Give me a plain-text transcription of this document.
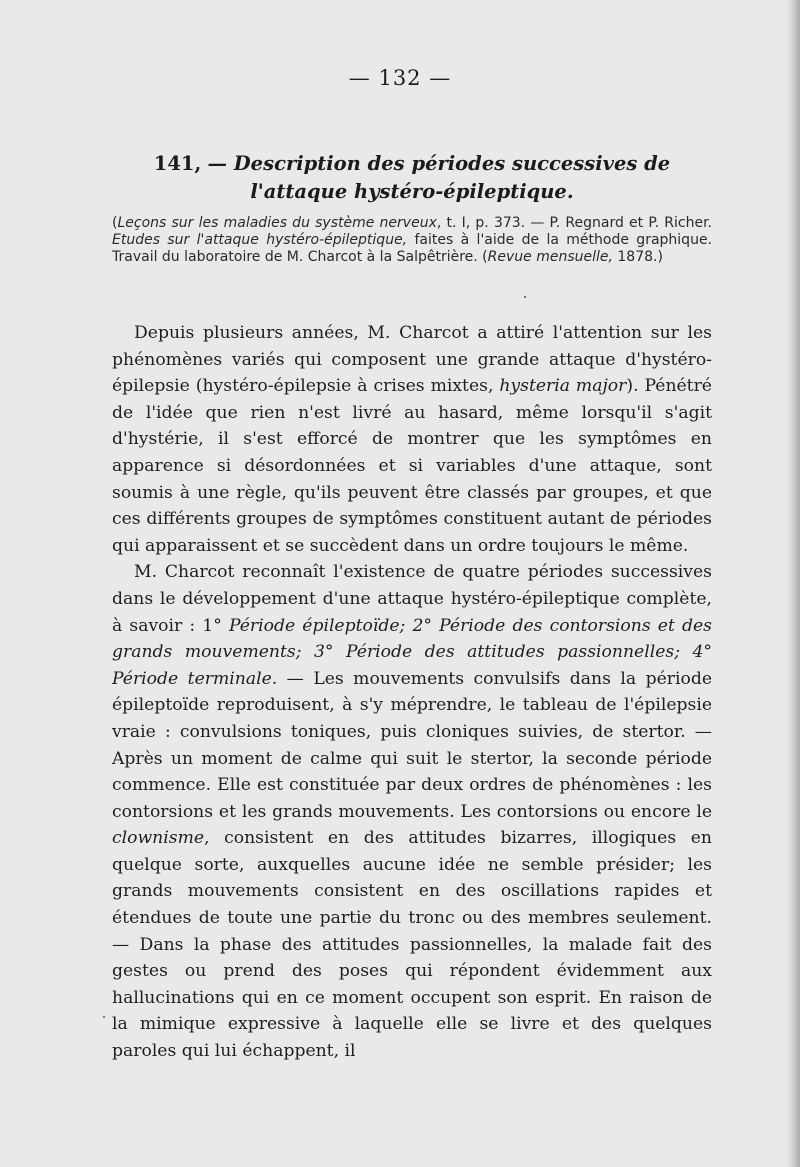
— 132 —
141, — Description des périodes successives de l'attaque hystéro-épileptique.
(Leçons sur les maladies du système nerveux, t. I, p. 373. — P. Regnard et P. Richer. Etudes sur l'attaque hystéro-épileptique, faites à l'aide de la méthode graphique. Travail du laboratoire de M. Charcot à la Salpêtrière. (Revue mensuelle, 1878.)

Depuis plusieurs années, M. Charcot a attiré l'attention sur les phénomènes variés qui composent une grande attaque d'hystéro-épilepsie (hystéro-épilepsie à crises mixtes, hysteria major). Pénétré de l'idée que rien n'est livré au hasard, même lorsqu'il s'agit d'hystérie, il s'est efforcé de montrer que les symptômes en apparence si désordonnées et si variables d'une attaque, sont soumis à une règle, qu'ils peuvent être classés par groupes, et que ces différents groupes de symptômes constituent autant de périodes qui apparaissent et se succèdent dans un ordre toujours le même.

M. Charcot reconnaît l'existence de quatre périodes successives dans le développement d'une attaque hystéro-épileptique complète, à savoir : 1° Période épileptoïde; 2° Période des contorsions et des grands mouvements; 3° Période des attitudes passionnelles; 4° Période terminale. — Les mouvements convulsifs dans la période épileptoïde reproduisent, à s'y méprendre, le tableau de l'épilepsie vraie : convulsions toniques, puis cloniques suivies, de stertor. — Après un moment de calme qui suit le stertor, la seconde période commence. Elle est constituée par deux ordres de phénomènes : les contorsions et les grands mouvements. Les contorsions ou encore le clownisme, consistent en des attitudes bizarres, illogiques en quelque sorte, auxquelles aucune idée ne semble présider; les grands mouvements consistent en des oscillations rapides et étendues de toute une partie du tronc ou des membres seulement. — Dans la phase des attitudes passionnelles, la malade fait des gestes ou prend des poses qui répondent évidemment aux hallucinations qui en ce moment occupent son esprit. En raison de la mimique expressive à laquelle elle se livre et des quelques paroles qui lui échappent, il
